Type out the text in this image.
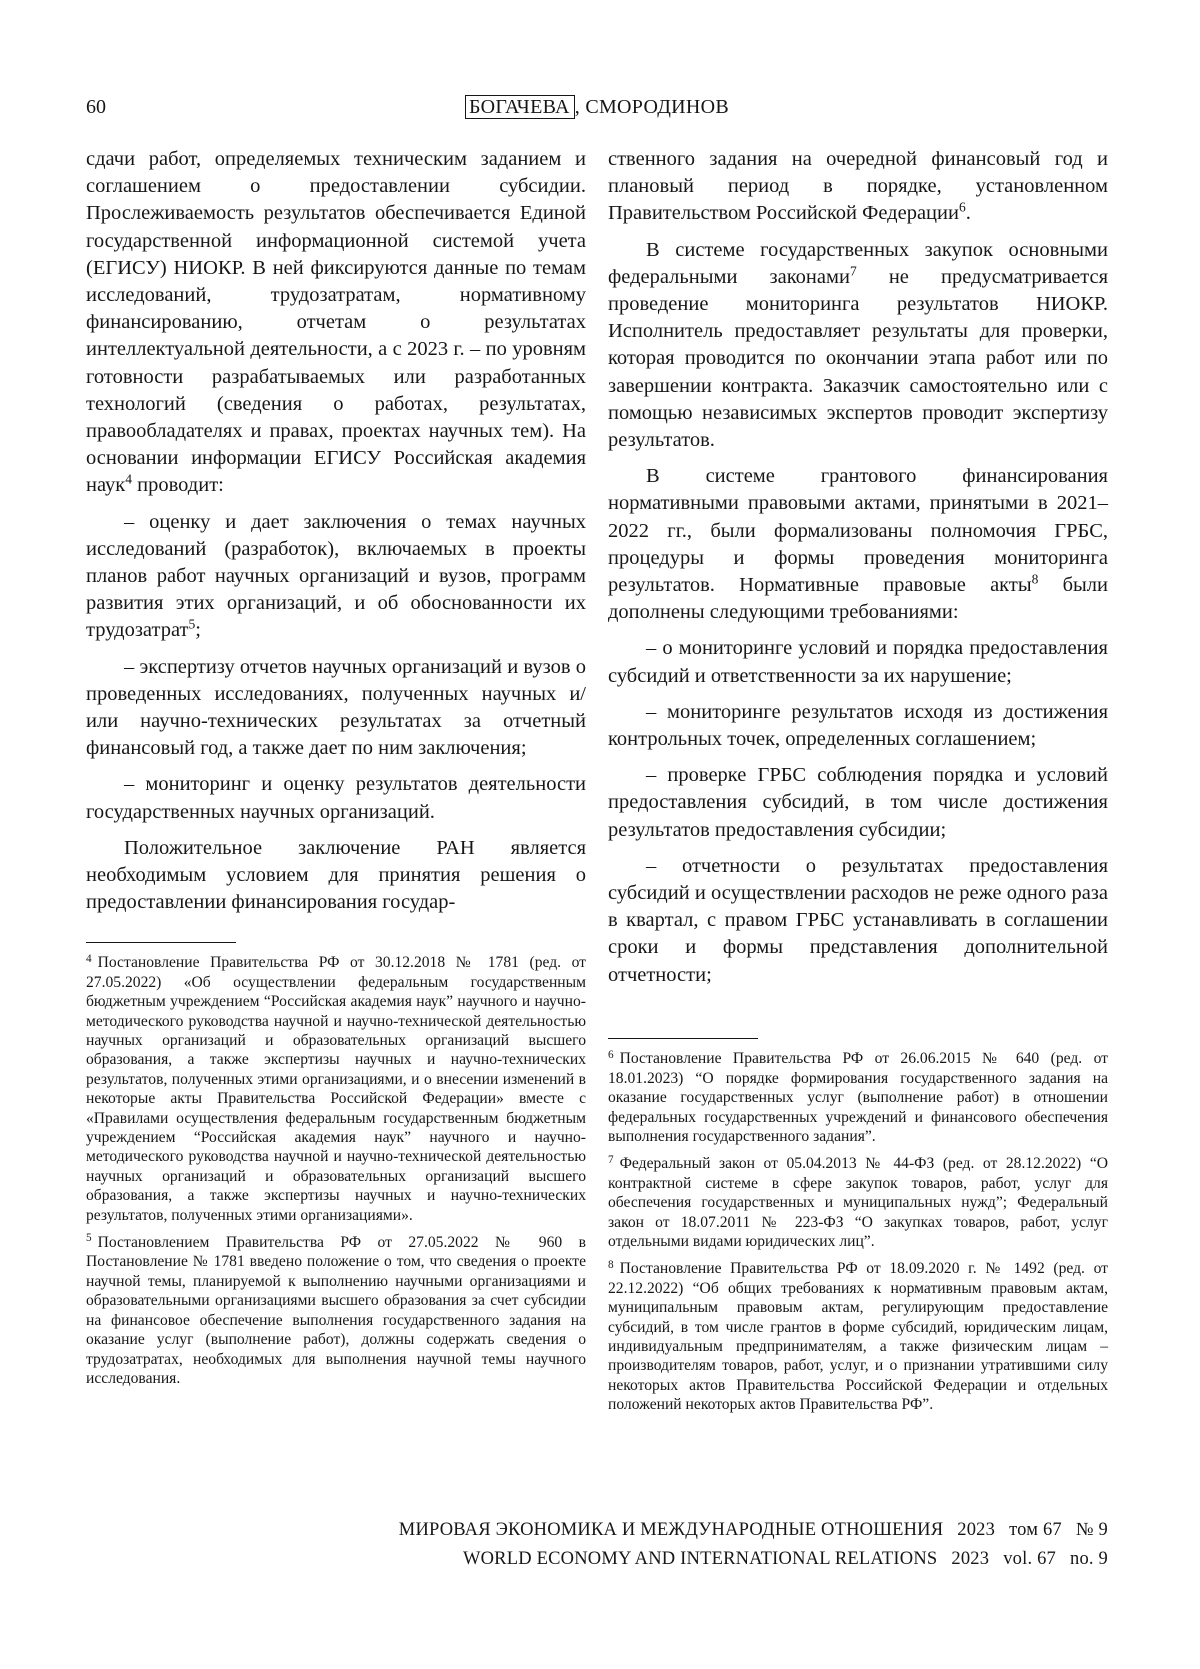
60	БОГАЧЕВА , СМОРОДИНОВ

сдачи работ, определяемых техническим заданием и соглашением о предоставлении субсидии. Прослеживаемость результатов обеспечивается Единой государственной информационной системой учета (ЕГИСУ) НИОКР. В ней фиксируются данные по темам исследований, трудозатратам, нормативному финансированию, отчетам о результатах интеллектуальной деятельности, а с 2023 г. – по уровням готовности разрабатываемых или разработанных технологий (сведения о работах, результатах, правообладателях и правах, проектах научных тем). На основании информации ЕГИСУ Российская академия наук$^4$ проводит:

– оценку и дает заключения о темах научных исследований (разработок), включаемых в проекты планов работ научных организаций и вузов, программ развития этих организаций, и об обоснованности их трудозатрат$^5$;

– экспертизу отчетов научных организаций и вузов о проведенных исследованиях, полученных научных и/или научно-технических результатах за отчетный финансовый год, а также дает по ним заключения;

– мониторинг и оценку результатов деятельности государственных научных организаций.

Положительное заключение РАН является необходимым условием для принятия решения о предоставлении финансирования государ-

ственного задания на очередной финансовый год и плановый период в порядке, установленном Правительством Российской Федерации$^6$.

В системе государственных закупок основными федеральными законами$^7$ не предусматривается проведение мониторинга результатов НИОКР. Исполнитель предоставляет результаты для проверки, которая проводится по окончании этапа работ или по завершении контракта. Заказчик самостоятельно или с помощью независимых экспертов проводит экспертизу результатов.

В системе грантового финансирования нормативными правовыми актами, принятыми в 2021–2022 гг., были формализованы полномочия ГРБС, процедуры и формы проведения мониторинга результатов. Нормативные правовые акты$^8$ были дополнены следующими требованиями:

– о мониторинге условий и порядка предоставления субсидий и ответственности за их нарушение;

– мониторинге результатов исходя из достижения контрольных точек, определенных соглашением;

– проверке ГРБС соблюдения порядка и условий предоставления субсидий, в том числе достижения результатов предоставления субсидии;

– отчетности о результатах предоставления субсидий и осуществлении расходов не реже одного раза в квартал, с правом ГРБС устанавливать в соглашении сроки и формы представления дополнительной отчетности;

$^4$ Постановление Правительства РФ от 30.12.2018 № 1781 (ред. от 27.05.2022) «Об осуществлении федеральным государственным бюджетным учреждением “Российская академия наук” научного и научно-методического руководства научной и научно-технической деятельностью научных организаций и образовательных организаций высшего образования, а также экспертизы научных и научно-технических результатов, полученных этими организациями, и о внесении изменений в некоторые акты Правительства Российской Федерации» вместе с «Правилами осуществления федеральным государственным бюджетным учреждением “Российская академия наук” научного и научно-методического руководства научной и научно-технической деятельностью научных организаций и образовательных организаций высшего образования, а также экспертизы научных и научно-технических результатов, полученных этими организациями».

$^5$ Постановлением Правительства РФ от 27.05.2022 № 960 в Постановление № 1781 введено положение о том, что сведения о проекте научной темы, планируемой к выполнению научными организациями и образовательными организациями высшего образования за счет субсидии на финансовое обеспечение выполнения государственного задания на оказание услуг (выполнение работ), должны содержать сведения о трудозатратах, необходимых для выполнения научной темы научного исследования.

$^6$ Постановление Правительства РФ от 26.06.2015 № 640 (ред. от 18.01.2023) “О порядке формирования государственного задания на оказание государственных услуг (выполнение работ) в отношении федеральных государственных учреждений и финансового обеспечения выполнения государственного задания”.

$^7$ Федеральный закон от 05.04.2013 № 44-ФЗ (ред. от 28.12.2022) “О контрактной системе в сфере закупок товаров, работ, услуг для обеспечения государственных и муниципальных нужд”; Федеральный закон от 18.07.2011 № 223-ФЗ “О закупках товаров, работ, услуг отдельными видами юридических лиц”.

$^8$ Постановление Правительства РФ от 18.09.2020 г. № 1492 (ред. от 22.12.2022) “Об общих требованиях к нормативным правовым актам, муниципальным правовым актам, регулирующим предоставление субсидий, в том числе грантов в форме субсидий, юридическим лицам, индивидуальным предпринимателям, а также физическим лицам – производителям товаров, работ, услуг, и о признании утратившими силу некоторых актов Правительства Российской Федерации и отдельных положений некоторых актов Правительства РФ”.

МИРОВАЯ ЭКОНОМИКА И МЕЖДУНАРОДНЫЕ ОТНОШЕНИЯ 2023 том 67 № 9
WORLD ECONOMY AND INTERNATIONAL RELATIONS 2023 vol. 67 no. 9
